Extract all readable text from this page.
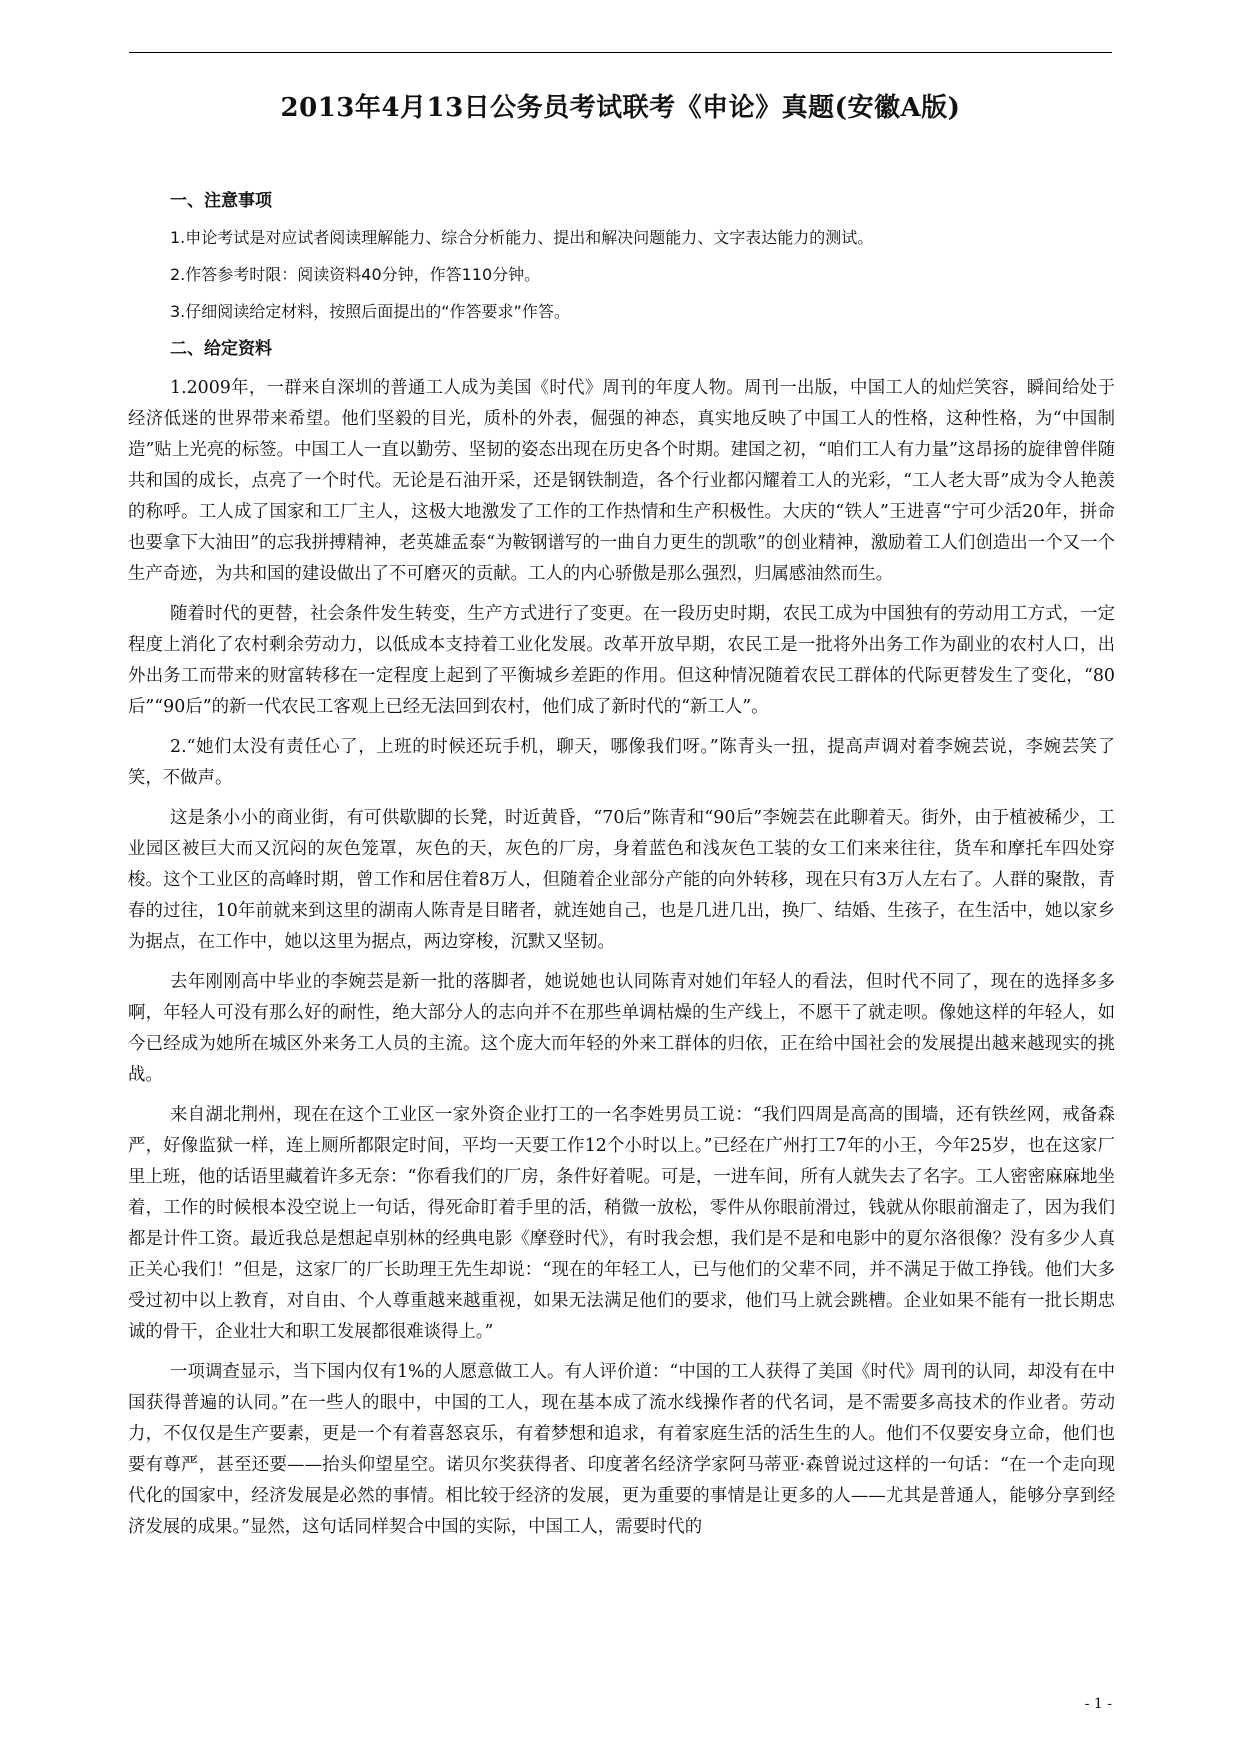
2013年4月13日公务员考试联考《申论》真题(安徽A版)
一、注意事项
1.申论考试是对应试者阅读理解能力、综合分析能力、提出和解决问题能力、文字表达能力的测试。
2.作答参考时限：阅读资料40分钟，作答110分钟。
3.仔细阅读给定材料，按照后面提出的“作答要求”作答。
二、给定资料

1.2009年，一群来自深圳的普通工人成为美国《时代》周刊的年度人物。周刊一出版，中国工人的灿烂笑容，瞬间给处于经济低迷的世界带来希望。他们坚毅的目光，质朴的外表，倔强的神态，真实地反映了中国工人的性格，这种性格，为“中国制造”贴上光亮的标签。中国工人一直以勤劳、坚韧的姿态出现在历史各个时期。建国之初，“咱们工人有力量”这昂扬的旋律曾伴随共和国的成长，点亮了一个时代。无论是石油开采，还是钢铁制造，各个行业都闪耀着工人的光彩，“工人老大哥”成为令人艳羡的称呼。工人成了国家和工厂主人，这极大地激发了工作的工作热情和生产积极性。大庆的“铁人”王进喜“宁可少活20年，拼命也要拿下大油田”的忘我拼搏精神，老英雄孟泰“为鞍钢谱写的一曲自力更生的凯歌”的创业精神，激励着工人们创造出一个又一个生产奇迹，为共和国的建设做出了不可磨灭的贡献。工人的内心骄傲是那么强烈，归属感油然而生。

随着时代的更替，社会条件发生转变，生产方式进行了变更。在一段历史时期，农民工成为中国独有的劳动用工方式，一定程度上消化了农村剩余劳动力，以低成本支持着工业化发展。改革开放早期，农民工是一批将外出务工作为副业的农村人口，出外出务工而带来的财富转移在一定程度上起到了平衡城乡差距的作用。但这种情况随着农民工群体的代际更替发生了变化，“80后”“90后”的新一代农民工客观上已经无法回到农村，他们成了新时代的“新工人”。

2.“她们太没有责任心了，上班的时候还玩手机，聊天，哪像我们呀。”陈青头一扭，提高声调对着李婉芸说，李婉芸笑了笑，不做声。

这是条小小的商业街，有可供歇脚的长凳，时近黄昏，“70后”陈青和“90后”李婉芸在此聊着天。街外，由于植被稀少，工业园区被巨大而又沉闷的灰色笼罩，灰色的天，灰色的厂房，身着蓝色和浅灰色工装的女工们来来往往，货车和摩托车四处穿梭。这个工业区的高峰时期，曾工作和居住着8万人，但随着企业部分产能的向外转移，现在只有3万人左右了。人群的聚散，青春的过往，10年前就来到这里的湖南人陈青是目睹者，就连她自己，也是几进几出，换厂、结婚、生孩子，在生活中，她以家乡为据点，在工作中，她以这里为据点，两边穿梭，沉默又坚韧。

去年刚刚高中毕业的李婉芸是新一批的落脚者，她说她也认同陈青对她们年轻人的看法，但时代不同了，现在的选择多多啊，年轻人可没有那么好的耐性，绝大部分人的志向并不在那些单调枯燥的生产线上，不愿干了就走呗。像她这样的年轻人，如今已经成为她所在城区外来务工人员的主流。这个庞大而年轻的外来工群体的归依，正在给中国社会的发展提出越来越现实的挑战。

来自湖北荆州，现在在这个工业区一家外资企业打工的一名李姓男员工说：“我们四周是高高的围墙，还有铁丝网，戒备森严，好像监狱一样，连上厕所都限定时间，平均一天要工作12个小时以上。”已经在广州打工7年的小王，今年25岁，也在这家厂里上班，他的话语里藏着许多无奈：“你看我们的厂房，条件好着呢。可是，一进车间，所有人就失去了名字。工人密密麻麻地坐着，工作的时候根本没空说上一句话，得死命盯着手里的活，稍微一放松，零件从你眼前滑过，钱就从你眼前溜走了，因为我们都是计件工资。最近我总是想起卓别林的经典电影《摩登时代》，有时我会想，我们是不是和电影中的夏尔洛很像？没有多少人真正关心我们！”但是，这家厂的厂长助理王先生却说：“现在的年轻工人，已与他们的父辈不同，并不满足于做工挣钱。他们大多受过初中以上教育，对自由、个人尊重越来越重视，如果无法满足他们的要求，他们马上就会跳槽。企业如果不能有一批长期忠诚的骨干，企业壮大和职工发展都很难谈得上。”

一项调查显示，当下国内仅有1%的人愿意做工人。有人评价道：“中国的工人获得了美国《时代》周刊的认同，却没有在中国获得普遍的认同。”在一些人的眼中，中国的工人，现在基本成了流水线操作者的代名词，是不需要多高技术的作业者。劳动力，不仅仅是生产要素，更是一个有着喜怒哀乐，有着梦想和追求，有着家庭生活的活生生的人。他们不仅要安身立命，他们也要有尊严，甚至还要——抬头仰望星空。诺贝尔奖获得者、印度著名经济学家阿马蒂亚·森曾说过这样的一句话：“在一个走向现代化的国家中，经济发展是必然的事情。相比较于经济的发展，更为重要的事情是让更多的人——尤其是普通人，能够分享到经济发展的成果。”显然，这句话同样契合中国的实际，中国工人，需要时代的

- 1 -
